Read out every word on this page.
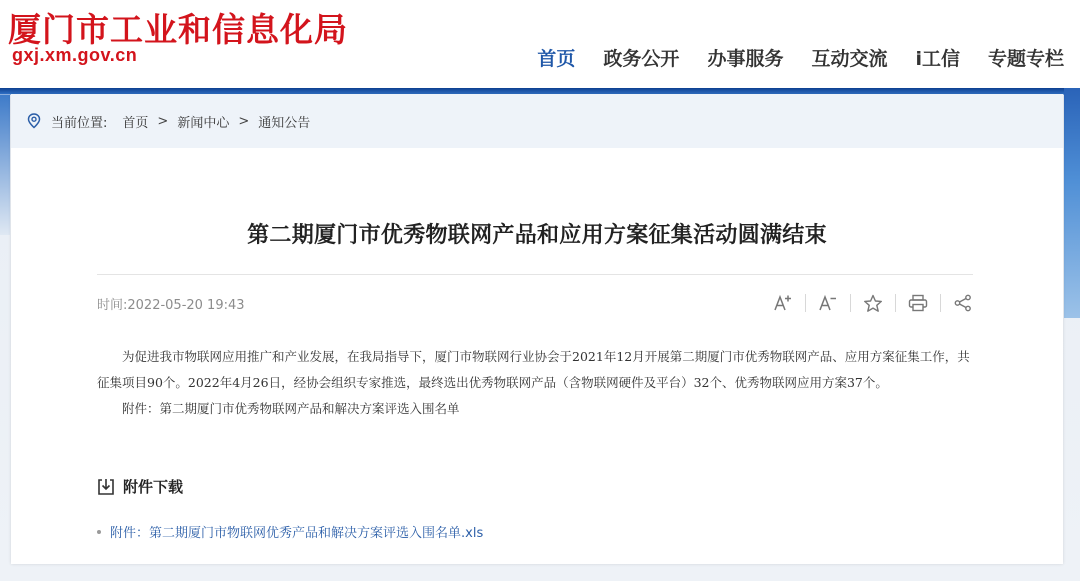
厦门市工业和信息化局
gxj.xm.gov.cn	首页 政务公开 办事服务 互动交流 i工信 专题专栏
当前位置: 首页 > 新闻中心 > 通知公告
第二期厦门市优秀物联网产品和应用方案征集活动圆满结束
时间:2022-05-20 19:43

为促进我市物联网应用推广和产业发展，在我局指导下，厦门市物联网行业协会于2021年12月开展第二期厦门市优秀物联网产品、应用方案征集工作，共征集项目90个。2022年4月26日，经协会组织专家推选，最终选出优秀物联网产品（含物联网硬件及平台）32个、优秀物联网应用方案37个。

附件：第二期厦门市优秀物联网产品和解决方案评选入围名单

附件下载
附件：第二期厦门市物联网优秀产品和解决方案评选入围名单.xls
